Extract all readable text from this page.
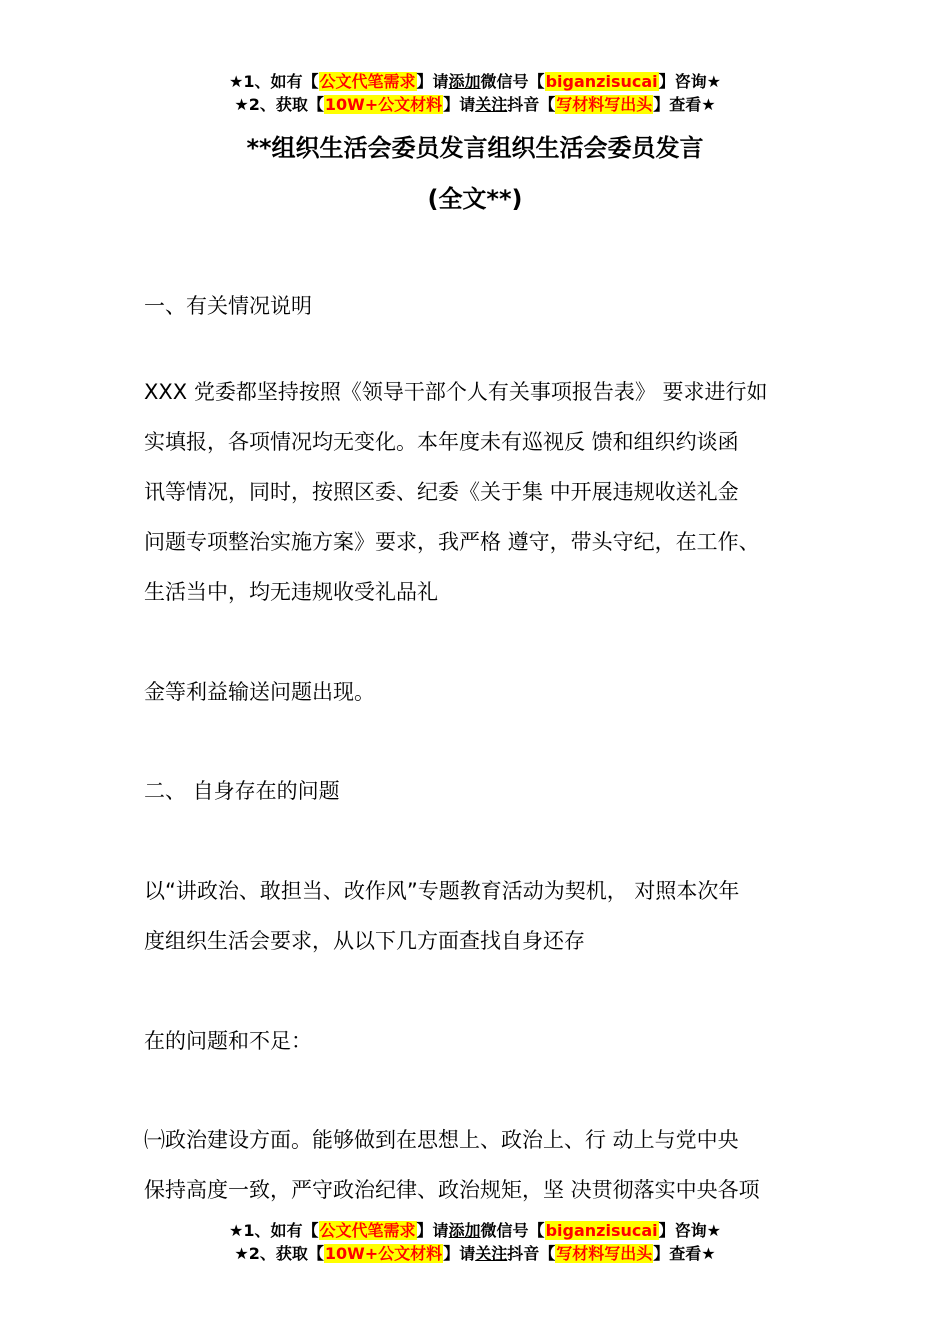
★1、如有【公文代笔需求】请添加微信号【biganzisucai】咨询★
★2、获取【10W+公文材料】请关注抖音【写材料写出头】查看★
**组织生活会委员发言组织生活会委员发言
(全文**)
一、有关情况说明
XXX 党委都坚持按照《领导干部个人有关事项报告表》 要求进行如
实填报，各项情况均无变化。本年度未有巡视反 馈和组织约谈函
讯等情况，同时，按照区委、纪委《关于集 中开展违规收送礼金
问题专项整治实施方案》要求，我严格 遵守，带头守纪，在工作、
生活当中，均无违规收受礼品礼
金等利益输送问题出现。
二、 自身存在的问题
以“讲政治、敢担当、改作风”专题教育活动为契机， 对照本次年
度组织生活会要求，从以下几方面查找自身还存
在的问题和不足：
㈠政治建设方面。能够做到在思想上、政治上、行 动上与党中央
保持高度一致，严守政治纪律、政治规矩，坚 决贯彻落实中央各项
★1、如有【公文代笔需求】请添加微信号【biganzisucai】咨询★
★2、获取【10W+公文材料】请关注抖音【写材料写出头】查看★
